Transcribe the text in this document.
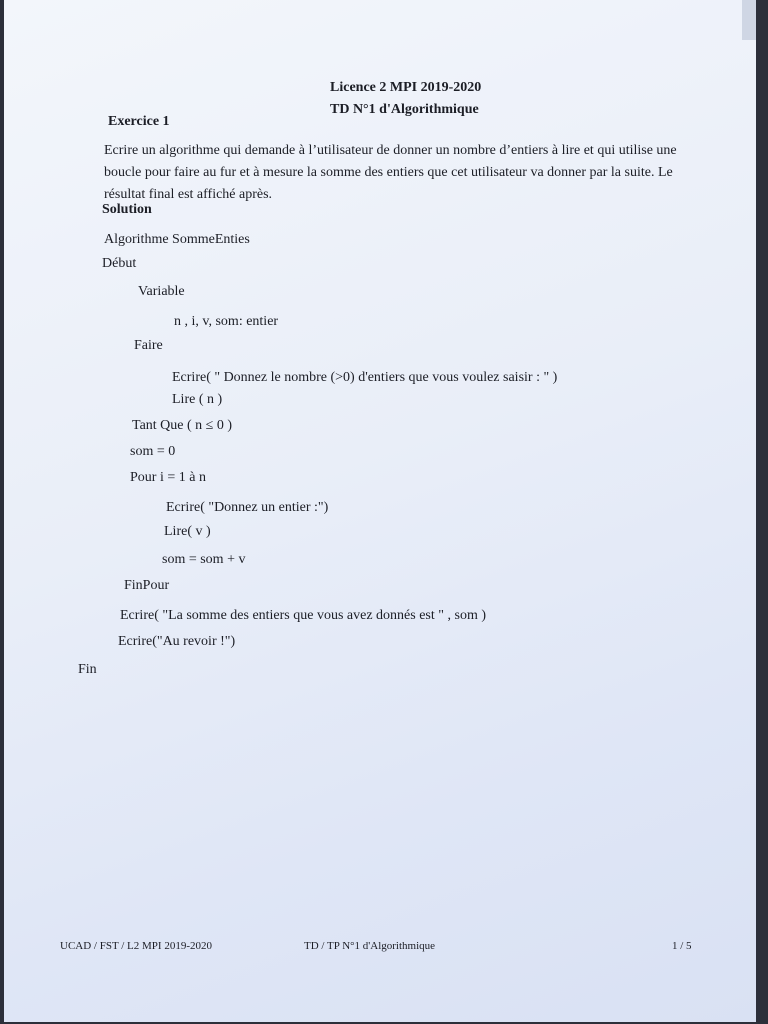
Licence 2 MPI 2019-2020
TD N°1 d'Algorithmique
Exercice 1
Ecrire un algorithme qui demande à l’utilisateur de donner un nombre d’entiers à lire et qui utilise une boucle pour faire au fur et à mesure la somme des entiers que cet utilisateur va donner par la suite. Le résultat final est affiché après.
Solution
Algorithme SommeEnties
Début
Variable
n , i, v, som: entier
Faire
Ecrire( " Donnez le nombre (>0) d'entiers que vous voulez saisir : " )
Lire ( n )
Tant Que ( n ≤ 0 )
som = 0
Pour i = 1 à n
Ecrire( "Donnez un entier :")
Lire( v )
som = som + v
FinPour
Ecrire( "La somme des entiers que vous avez donnés est " , som )
Ecrire("Au revoir !")
Fin
UCAD / FST / L2 MPI 2019-2020	TD / TP N°1 d'Algorithmique	1 / 5
